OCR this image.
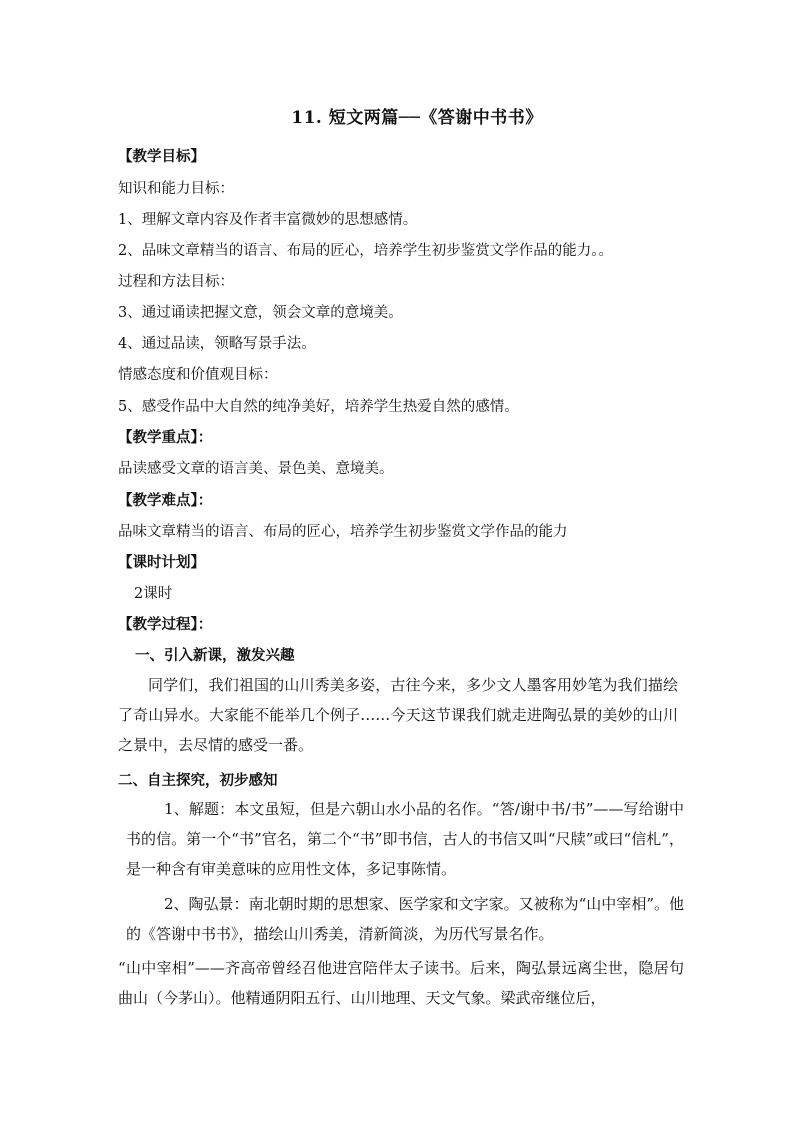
11. 短文两篇──《答谢中书书》
【教学目标】
知识和能力目标：
1、理解文章内容及作者丰富微妙的思想感情。
2、品味文章精当的语言、布局的匠心，培养学生初步鉴赏文学作品的能力。。
过程和方法目标：
3、通过诵读把握文意，领会文章的意境美。
4、通过品读，领略写景手法。
情感态度和价值观目标：
5、感受作品中大自然的纯净美好，培养学生热爱自然的感情。
【教学重点】：
品读感受文章的语言美、景色美、意境美。
【教学难点】：
品味文章精当的语言、布局的匠心，培养学生初步鉴赏文学作品的能力
【课时计划】
2课时
【教学过程】：
一、引入新课，激发兴趣
同学们，我们祖国的山川秀美多姿，古往今来，多少文人墨客用妙笔为我们描绘了奇山异水。大家能不能举几个例子……今天这节课我们就走进陶弘景的美妙的山川之景中，去尽情的感受一番。
二、自主探究，初步感知
1、解题：本文虽短，但是六朝山水小品的名作。“答/谢中书/书”——写给谢中书的信。第一个“书”官名，第二个“书”即书信，古人的书信又叫“尺牍”或曰“信札”，是一种含有审美意味的应用性文体，多记事陈情。
2、陶弘景：南北朝时期的思想家、医学家和文字家。又被称为“山中宰相”。他的《答谢中书书》，描绘山川秀美，清新简淡，为历代写景名作。
“山中宰相”——齐高帝曾经召他进宫陪伴太子读书。后来，陶弘景远离尘世，隐居句曲山（今茅山）。他精通阴阳五行、山川地理、天文气象。梁武帝继位后，
